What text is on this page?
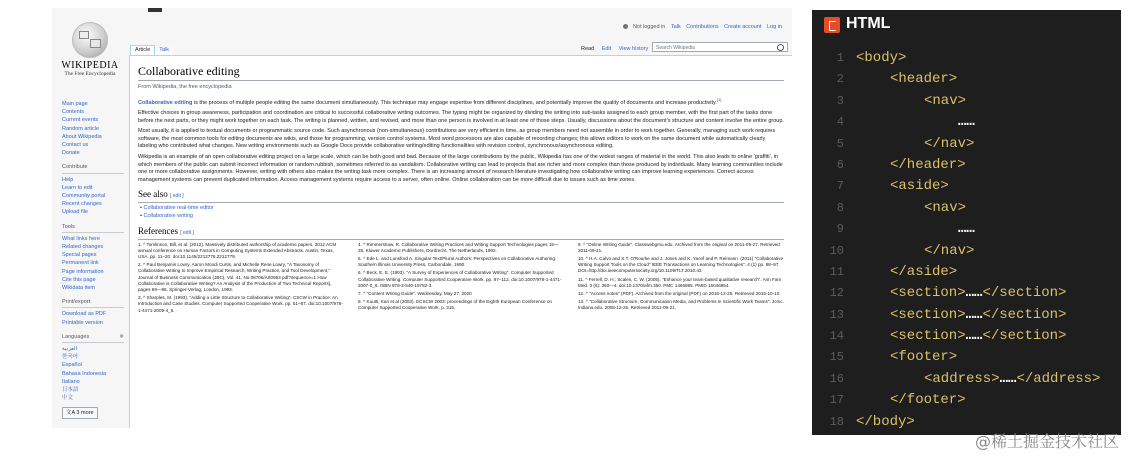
WIKIPEDIA
The Free Encyclopedia
Not logged in Talk Contributions Create account Log in
Article Talk	Read Edit View history	Search Wikipedia
Main page
Contents
Current events
Random article
About Wikipedia
Contact us
Donate
Contribute
Help
Learn to edit
Community portal
Recent changes
Upload file
Tools
What links here
Related changes
Special pages
Permanent link
Page information
Cite this page
Wikidata item
Print/export
Download as PDF
Printable version
Languages	✲
العربية
한국어
Español
Bahasa Indonesia
Italiano
日本語
中文
文A 3 more
Collaborative editing
From Wikipedia, the free encyclopedia

Collaborative editing is the process of multiple people editing the same document simultaneously. This technique may engage expertise from different disciplines, and potentially improve the quality of documents and increase productivity.[1]

Effective choices in group awareness, participation and coordination are critical to successful collaborative writing outcomes. The typing might be organized by dividing the writing into sub-tasks assigned to each group member, with the first part of the tasks done before the next parts, or they might work together on each task. The writing is planned, written, and revised, and more than one person is involved in at least one of those steps. Usually, discussions about the document's structure and content involve the entire group.

Most usually, it is applied to textual documents or programmatic source code. Such asynchronous (non-simultaneous) contributions are very efficient in time, as group members need not assemble in order to work together. Generally, managing such work requires software, the most common tools for editing documents are wikis, and those for programming, version control systems. Most word processors are also capable of recording changes; this allows editors to work on the same document while automatically clearly labeling who contributed what changes. New writing environments such as Google Docs provide collaborative writing/editing functionalities with revision control, synchronous/asynchronous editing.

Wikipedia is an example of an open collaborative editing project on a large scale, which can be both good and bad. Because of the large contributions by the public, Wikipedia has one of the widest ranges of material in the world. This also leads to online 'graffiti', in which members of the public can submit incorrect information or random rubbish, sometimes referred to as vandalism. Collaborative writing can lead to projects that are richer and more complex than those produced by individuals. Many learning communities include one or more collaborative assignments. However, writing with others also makes the writing task more complex. There is an increasing amount of research literature investigating how collaborative writing can improve learning experiences. Correct access management systems can prevent duplicated information. Access management systems require access to a server, often online. Online collaboration can be more difficult due to issues such as time zones.

See also [ edit ]
• Collaborative real-time editor
• Collaborative writing
References [ edit ]
1. ^ Tomlinson, Bill, et al. (2012). Massively distributed authorship of academic papers. 2012 ACM annual conference on Human Factors in Computing Systems Extended Abstracts. Austin, Texas, USA. pp. 11–20. doi:10.1145/2212776.2212779.
2. ^ Paul Benjamin Lowry, Aaron Moodi Curtis, and Michelle Rene Lowry, "A Taxonomy of Collaborative Writing to Improve Empirical Research, Writing Practice, and Tool Development," Journal of Business Communication (JBC), Vol. 41, No.08706/Art0963.pdf?sequence=1 How Collaborative is Collaborative Writing? An Analysis of the Production of Two Technical Reports], pages 69—96. Springer-Verlag, London, 1993.
3. ^ Sharples, M. (1993). "Adding a Little Structure to Collaborative Writing". CSCW in Practice: An Introduction and Case Studies. Computer Supported Cooperative Work. pp. 51–67. doi:10.1007/978-1-4471-2009-4_5.
4. ^ Rimmershaw, R. Collaborative Writing Practices and Writing Support Technologies pages 15—28. Kluwer Academic Publishers, Dordrecht, The Netherlands, 1992.
5. ^ Ede L. and Lunsford A. Singular Text/Plural Authors: Perspectives on Collaborative Authoring. Southern Illinois University Press, Carbondale, 1990.
6. ^ Beck, E. E. (1993). "A Survey of Experiences of Collaborative Writing". Computer Supported Collaborative Writing. Computer Supported Cooperative Work. pp. 87–112. doi:10.1007/978-1-4471-2007-0_6. ISBN 978-3-540-19782-3.
7. ^ "Content Writing Guide". Wednesday, May 27, 2020
8. ^ Kuutti, Kari et al (2003). ECSCW 2003: proceedings of the Eighth European Conference on Computer Supported Cooperative Work. p. 315.
9. ^ "Online Writing Guide". Classwebgmu.edu. Archived from the original on 2011-09-27. Retrieved 2011-09-21.
10. ^ H.A. Calvo and S.T. O'Rourke and J. Jones and K. Yacef and P. Reimann. (2011) "Collaborative Writing Support Tools on the Cloud" IEEE Transactions on Learning Technologies". 4 (1) pp. 88–97. DOI=http://doi.ieeecomputersociety.org/10.1109/TLT.2010.43
11. ^ Ferrell, D. H.; Scales, C. W. (2005). "Enhance your team-based qualitative research". Ann Fam Med. 3 (6): 360—4. doi:10.1370/afm.350. PMC 1466895. PMID 16046954.
12. ^ "Access notes" (PDF). Archived from the original (PDF) on 2016-12-25. Retrieved 2016-10-10.
13. ^ "Collaborative Structure, Communication Media, and Problems in Scientific Work Teams". Jcmc. Indiana.edu. 2008-12-25. Retrieved 2011-09-21.
HTML
1 <body>
2	<header>
3	<nav>
4	……
5	</nav>
6	</header>
7	<aside>
8	<nav>
9	……
10	</nav>
11	</aside>
12	<section>……</section>
13	<section>……</section>
14	<section>……</section>
15	<footer>
16	<address>……</address>
17	</footer>
18 </body>
@稀土掘金技术社区
